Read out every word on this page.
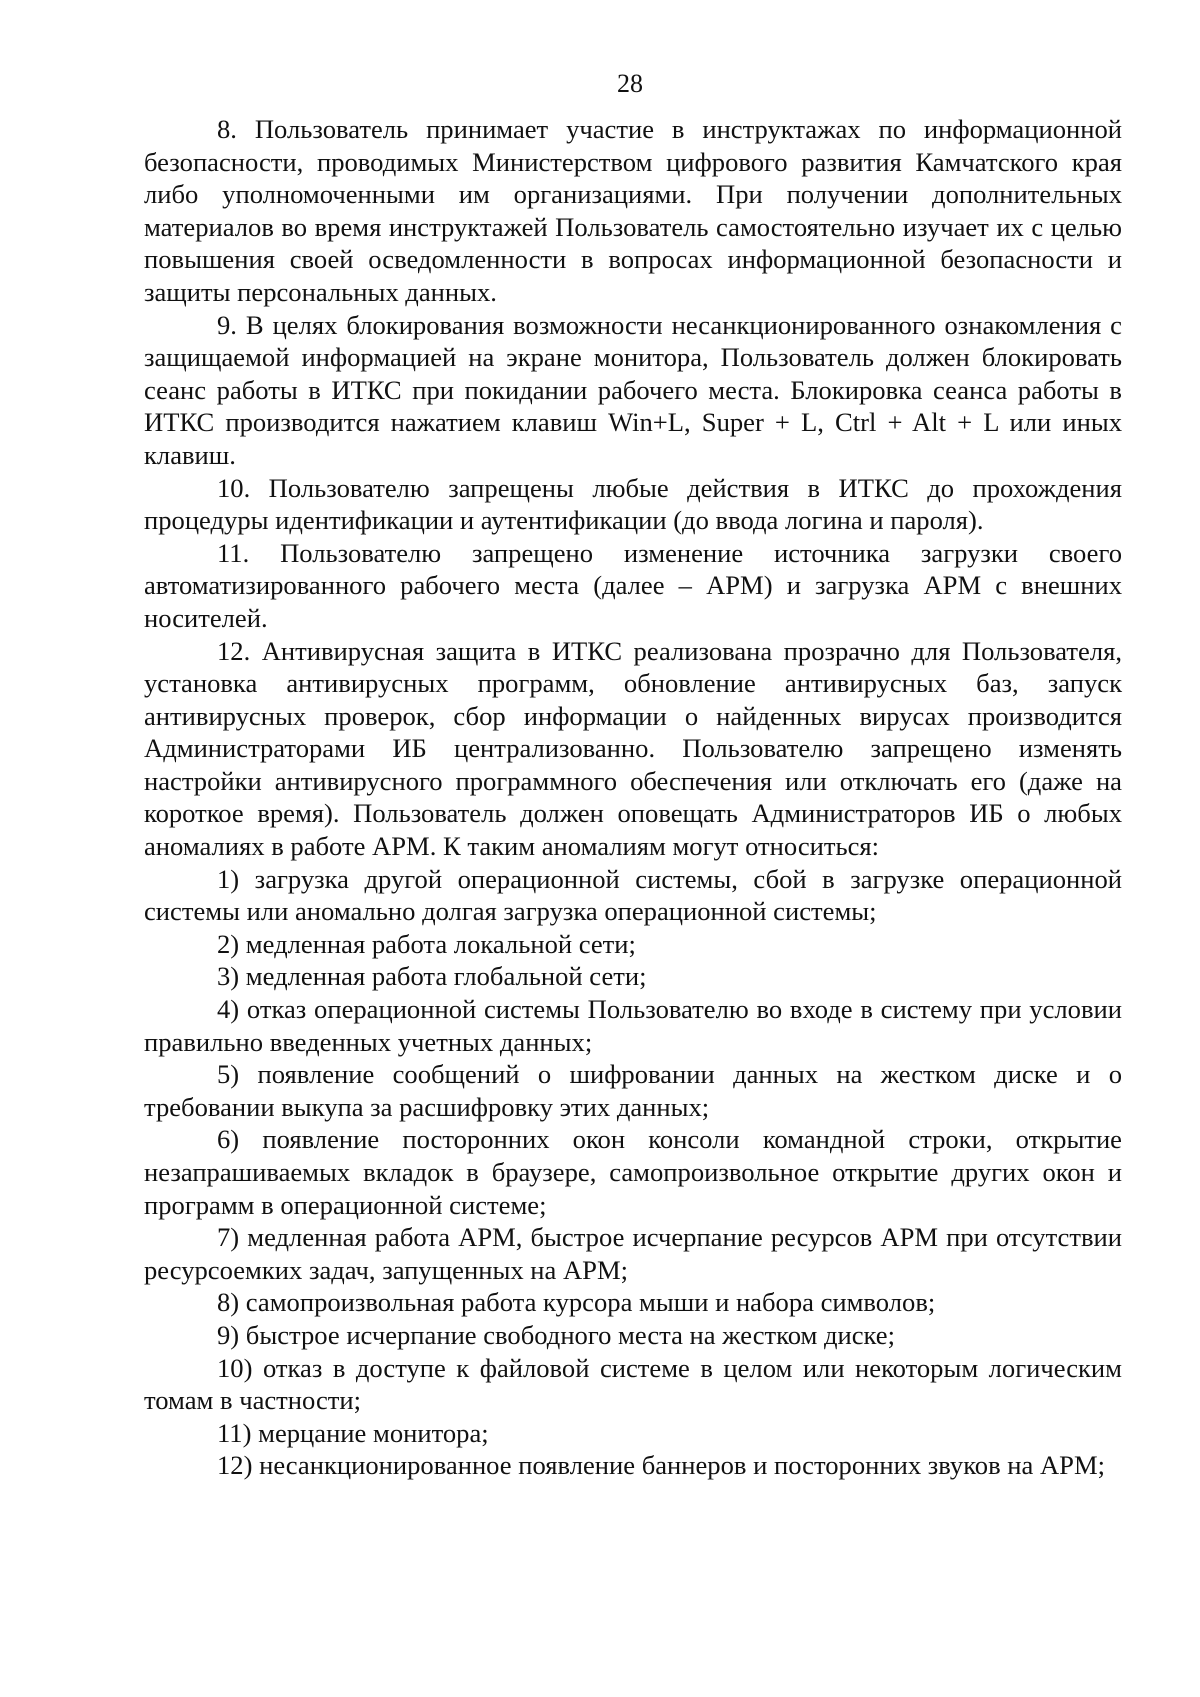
28

8. Пользователь принимает участие в инструктажах по информационной безопасности, проводимых Министерством цифрового развития Камчатского края либо уполномоченными им организациями. При получении дополнительных материалов во время инструктажей Пользователь самостоятельно изучает их с целью повышения своей осведомленности в вопросах информационной безопасности и защиты персональных данных.

9. В целях блокирования возможности несанкционированного ознакомления с защищаемой информацией на экране монитора, Пользователь должен блокировать сеанс работы в ИТКС при покидании рабочего места. Блокировка сеанса работы в ИТКС производится нажатием клавиш Win+L, Super + L, Ctrl + Alt + L или иных клавиш.

10. Пользователю запрещены любые действия в ИТКС до прохождения процедуры идентификации и аутентификации (до ввода логина и пароля).

11. Пользователю запрещено изменение источника загрузки своего автоматизированного рабочего места (далее – АРМ) и загрузка АРМ с внешних носителей.

12. Антивирусная защита в ИТКС реализована прозрачно для Пользователя, установка антивирусных программ, обновление антивирусных баз, запуск антивирусных проверок, сбор информации о найденных вирусах производится Администраторами ИБ централизованно. Пользователю запрещено изменять настройки антивирусного программного обеспечения или отключать его (даже на короткое время). Пользователь должен оповещать Администраторов ИБ о любых аномалиях в работе АРМ. К таким аномалиям могут относиться:

1) загрузка другой операционной системы, сбой в загрузке операционной системы или аномально долгая загрузка операционной системы;

2) медленная работа локальной сети;

3) медленная работа глобальной сети;

4) отказ операционной системы Пользователю во входе в систему при условии правильно введенных учетных данных;

5) появление сообщений о шифровании данных на жестком диске и о требовании выкупа за расшифровку этих данных;

6) появление посторонних окон консоли командной строки, открытие незапрашиваемых вкладок в браузере, самопроизвольное открытие других окон и программ в операционной системе;

7) медленная работа АРМ, быстрое исчерпание ресурсов АРМ при отсутствии ресурсоемких задач, запущенных на АРМ;

8) самопроизвольная работа курсора мыши и набора символов;

9) быстрое исчерпание свободного места на жестком диске;

10) отказ в доступе к файловой системе в целом или некоторым логическим томам в частности;

11) мерцание монитора;

12) несанкционированное появление баннеров и посторонних звуков на АРМ;
